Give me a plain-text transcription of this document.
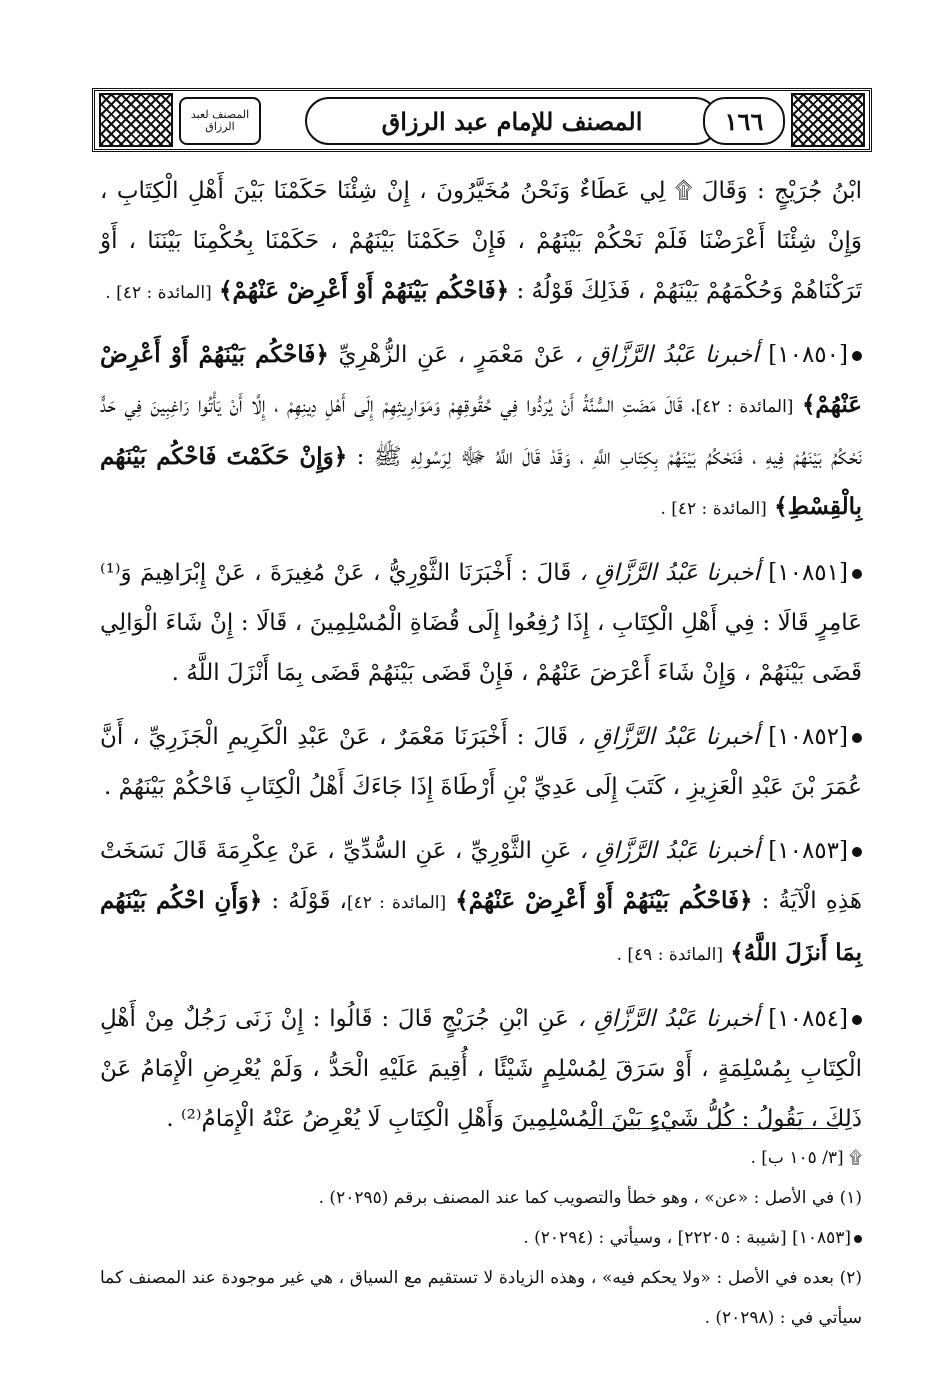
المصنف لعبد الرزاق	المصنف للإمام عبد الرزاق	١٦٦

ابْنُ جُرَيْجٍ : وَقَالَ ۩ لِي عَطَاءٌ وَنَحْنُ مُخَيَّرُونَ ، إِنْ شِئْنَا حَكَمْنَا بَيْنَ أَهْلِ الْكِتَابِ ، وَإِنْ شِئْنَا أَعْرَضْنَا فَلَمْ نَحْكُمْ بَيْنَهُمْ ، فَإِنْ حَكَمْنَا بَيْنَهُمْ ، حَكَمْنَا بِحُكْمِنَا بَيْنَنَا ، أَوْ تَرَكْنَاهُمْ وَحُكْمَهُمْ بَيْنَهُمْ ، فَذَلِكَ قَوْلُهُ : ﴿فَاحْكُم بَيْنَهُمْ أَوْ أَعْرِضْ عَنْهُمْ﴾ [المائدة : ٤٢] .

[١٠٨٥٠] أخبرنا عَبْدُ الرَّزَّاقِ ، عَنْ مَعْمَرٍ ، عَنِ الزُّهْرِيِّ ﴿فَاحْكُم بَيْنَهُمْ أَوْ أَعْرِضْ عَنْهُمْ﴾ [المائدة : ٤٢]، قَالَ مَضَتِ السُّنَّةُ أَنْ يُرَدُّوا فِي حُقُوقِهِمْ وَمَوَارِيثِهِمْ إِلَى أَهْلِ دِينِهِمْ ، إِلَّا أَنْ يَأْتُوا رَاغِبِينَ فِي حَدٍّ نَحْكُمُ بَيْنَهُمْ فِيهِ ، فَنَحْكُمُ بَيْنَهُمْ بِكِتَابِ اللَّهِ ، وَقَدْ قَالَ اللَّهُ ﷻ لِرَسُولِهِ ﷺ : ﴿وَإِنْ حَكَمْتَ فَاحْكُم بَيْنَهُم بِالْقِسْطِ﴾ [المائدة : ٤٢] .

[١٠٨٥١] أخبرنا عَبْدُ الرَّزَّاقِ ، قَالَ : أَخْبَرَنَا الثَّوْرِيُّ ، عَنْ مُغِيرَةَ ، عَنْ إِبْرَاهِيمَ وَ⁽¹⁾ عَامِرٍ قَالَا : فِي أَهْلِ الْكِتَابِ ، إِذَا رُفِعُوا إِلَى قُضَاةِ الْمُسْلِمِينَ ، قَالَا : إِنْ شَاءَ الْوَالِي قَضَى بَيْنَهُمْ ، وَإِنْ شَاءَ أَعْرَضَ عَنْهُمْ ، فَإِنْ قَضَى بَيْنَهُمْ قَضَى بِمَا أَنْزَلَ اللَّهُ .

[١٠٨٥٢] أخبرنا عَبْدُ الرَّزَّاقِ ، قَالَ : أَخْبَرَنَا مَعْمَرٌ ، عَنْ عَبْدِ الْكَرِيمِ الْجَزَرِيِّ ، أَنَّ عُمَرَ بْنَ عَبْدِ الْعَزِيزِ ، كَتَبَ إِلَى عَدِيِّ بْنِ أَرْطَاةَ إِذَا جَاءَكَ أَهْلُ الْكِتَابِ فَاحْكُمْ بَيْنَهُمْ .

[١٠٨٥٣] أخبرنا عَبْدُ الرَّزَّاقِ ، عَنِ الثَّوْرِيِّ ، عَنِ السُّدِّيِّ ، عَنْ عِكْرِمَةَ قَالَ نَسَخَتْ هَذِهِ الْآيَةُ : ﴿فَاحْكُم بَيْنَهُمْ أَوْ أَعْرِضْ عَنْهُمْ﴾ [المائدة : ٤٢]، قَوْلَهُ : ﴿وَأَنِ احْكُم بَيْنَهُم بِمَا أَنزَلَ اللَّهُ﴾ [المائدة : ٤٩] .

[١٠٨٥٤] أخبرنا عَبْدُ الرَّزَّاقِ ، عَنِ ابْنِ جُرَيْجٍ قَالَ : قَالُوا : إِنْ زَنَى رَجُلٌ مِنْ أَهْلِ الْكِتَابِ بِمُسْلِمَةٍ ، أَوْ سَرَقَ لِمُسْلِمٍ شَيْئًا ، أُقِيمَ عَلَيْهِ الْحَدُّ ، وَلَمْ يُعْرِضِ الْإِمَامُ عَنْ ذَلِكَ ، يَقُولُ : كُلُّ شَيْءٍ بَيْنَ الْمُسْلِمِينَ وَأَهْلِ الْكِتَابِ لَا يُعْرِضُ عَنْهُ الْإِمَامُ⁽²⁾ .

۩ [٣/ ١٠٥ ب] .

(١) في الأصل : «عن» ، وهو خطأ والتصويب كما عند المصنف برقم (٢٠٢٩٥) .

[١٠٨٥٣] [شيبة : ٢٢٢٠٥] ، وسيأتي : (٢٠٢٩٤) .

(٢) بعده في الأصل : «ولا يحكم فيه» ، وهذه الزيادة لا تستقيم مع السياق ، هي غير موجودة عند المصنف كما سيأتي في : (٢٠٢٩٨) .
